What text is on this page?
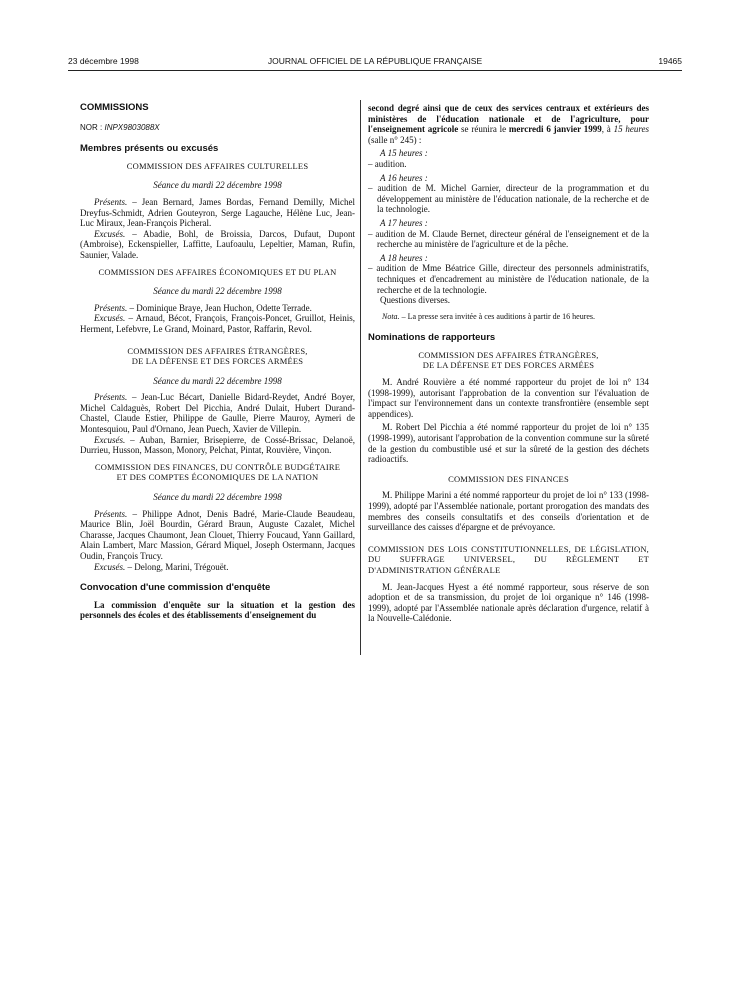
23 décembre 1998	JOURNAL OFFICIEL DE LA RÉPUBLIQUE FRANÇAISE	19465

COMMISSIONS

NOR : INPX9803088X

Membres présents ou excusés

COMMISSION DES AFFAIRES CULTURELLES

Séance du mardi 22 décembre 1998

Présents. – Jean Bernard, James Bordas, Fernand Demilly, Michel Dreyfus-Schmidt, Adrien Gouteyron, Serge Lagauche, Hélène Luc, Jean-Luc Miraux, Jean-François Picheral.

Excusés. – Abadie, Bohl, de Broissia, Darcos, Dufaut, Dupont (Ambroise), Eckenspieller, Laffitte, Laufoaulu, Lepeltier, Maman, Rufin, Saunier, Valade.

COMMISSION DES AFFAIRES ÉCONOMIQUES ET DU PLAN

Séance du mardi 22 décembre 1998

Présents. – Dominique Braye, Jean Huchon, Odette Terrade.

Excusés. – Arnaud, Bécot, François, François-Poncet, Gruillot, Heinis, Herment, Lefebvre, Le Grand, Moinard, Pastor, Raffarin, Revol.

COMMISSION DES AFFAIRES ÉTRANGÈRES,

DE LA DÉFENSE ET DES FORCES ARMÉES

Séance du mardi 22 décembre 1998

Présents. – Jean-Luc Bécart, Danielle Bidard-Reydet, André Boyer, Michel Caldaguès, Robert Del Picchia, André Dulait, Hubert Durand-Chastel, Claude Estier, Philippe de Gaulle, Pierre Mauroy, Aymeri de Montesquiou, Paul d'Ornano, Jean Puech, Xavier de Villepin.

Excusés. – Auban, Barnier, Brisepierre, de Cossé-Brissac, Delanoë, Durrieu, Husson, Masson, Monory, Pelchat, Pintat, Rouvière, Vinçon.

COMMISSION DES FINANCES, DU CONTRÔLE BUDGÉTAIRE

ET DES COMPTES ÉCONOMIQUES DE LA NATION

Séance du mardi 22 décembre 1998

Présents. – Philippe Adnot, Denis Badré, Marie-Claude Beaudeau, Maurice Blin, Joël Bourdin, Gérard Braun, Auguste Cazalet, Michel Charasse, Jacques Chaumont, Jean Clouet, Thierry Foucaud, Yann Gaillard, Alain Lambert, Marc Massion, Gérard Miquel, Joseph Ostermann, Jacques Oudin, François Trucy.

Excusés. – Delong, Marini, Trégouët.

Convocation d'une commission d'enquête

La commission d'enquête sur la situation et la gestion des personnels des écoles et des établissements d'enseignement du

second degré ainsi que de ceux des services centraux et extérieurs des ministères de l'éducation nationale et de l'agriculture, pour l'enseignement agricole se réunira le mercredi 6 janvier 1999, à 15 heures (salle n° 245) :

A 15 heures :

– audition.

A 16 heures :

– audition de M. Michel Garnier, directeur de la programmation et du développement au ministère de l'éducation nationale, de la recherche et de la technologie.

A 17 heures :

– audition de M. Claude Bernet, directeur général de l'enseignement et de la recherche au ministère de l'agriculture et de la pêche.

A 18 heures :

– audition de Mme Béatrice Gille, directeur des personnels administratifs, techniques et d'encadrement au ministère de l'éducation nationale, de la recherche et de la technologie.

Questions diverses.

Nota. – La presse sera invitée à ces auditions à partir de 16 heures.

Nominations de rapporteurs

COMMISSION DES AFFAIRES ÉTRANGÈRES,

DE LA DÉFENSE ET DES FORCES ARMÉES

M. André Rouvière a été nommé rapporteur du projet de loi n° 134 (1998-1999), autorisant l'approbation de la convention sur l'évaluation de l'impact sur l'environnement dans un contexte transfrontière (ensemble sept appendices).

M. Robert Del Picchia a été nommé rapporteur du projet de loi n° 135 (1998-1999), autorisant l'approbation de la convention commune sur la sûreté de la gestion du combustible usé et sur la sûreté de la gestion des déchets radioactifs.

COMMISSION DES FINANCES

M. Philippe Marini a été nommé rapporteur du projet de loi n° 133 (1998-1999), adopté par l'Assemblée nationale, portant prorogation des mandats des membres des conseils consultatifs et des conseils d'orientation et de surveillance des caisses d'épargne et de prévoyance.

COMMISSION DES LOIS CONSTITUTIONNELLES, DE LÉGISLATION, DU SUFFRAGE UNIVERSEL, DU RÈGLEMENT ET D'ADMINISTRATION GÉNÉRALE

M. Jean-Jacques Hyest a été nommé rapporteur, sous réserve de son adoption et de sa transmission, du projet de loi organique n° 146 (1998-1999), adopté par l'Assemblée nationale après déclaration d'urgence, relatif à la Nouvelle-Calédonie.
